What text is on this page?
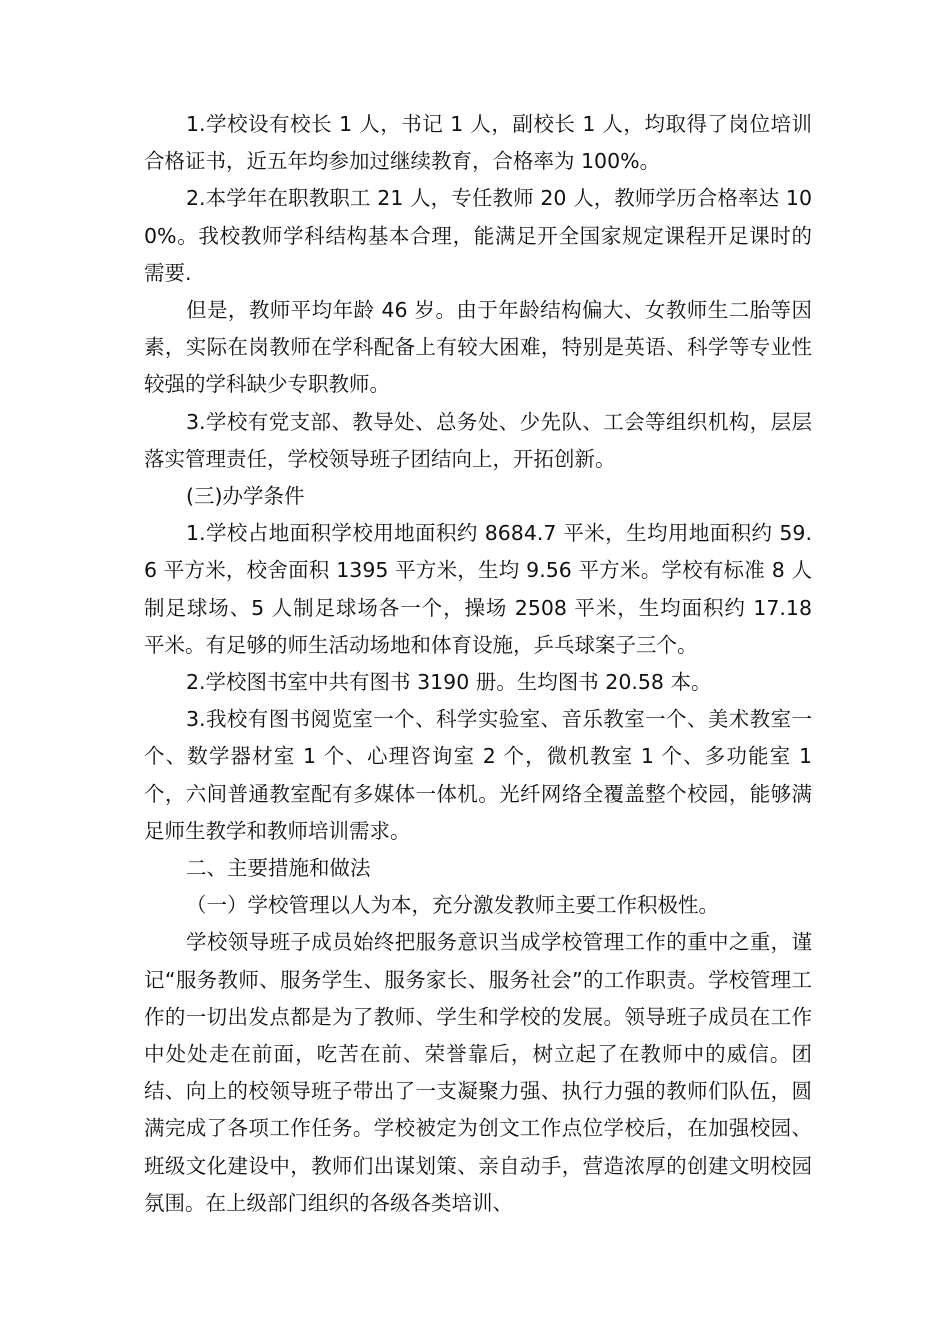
1.学校设有校长 1 人，书记 1 人，副校长 1 人，均取得了岗位培训合格证书，近五年均参加过继续教育，合格率为 100%。

2.本学年在职教职工 21 人，专任教师 20 人，教师学历合格率达 100%。我校教师学科结构基本合理，能满足开全国家规定课程开足课时的需要.

但是，教师平均年龄 46 岁。由于年龄结构偏大、女教师生二胎等因素，实际在岗教师在学科配备上有较大困难，特别是英语、科学等专业性较强的学科缺少专职教师。

3.学校有党支部、教导处、总务处、少先队、工会等组织机构，层层落实管理责任，学校领导班子团结向上，开拓创新。

(三)办学条件

1.学校占地面积学校用地面积约 8684.7 平米，生均用地面积约 59.6 平方米，校舍面积 1395 平方米，生均 9.56 平方米。学校有标准 8 人制足球场、5 人制足球场各一个，操场 2508 平米，生均面积约 17.18 平米。有足够的师生活动场地和体育设施，乒乓球案子三个。

2.学校图书室中共有图书 3190 册。生均图书 20.58 本。

3.我校有图书阅览室一个、科学实验室、音乐教室一个、美术教室一个、数学器材室 1 个、心理咨询室 2 个，微机教室 1 个、多功能室 1 个，六间普通教室配有多媒体一体机。光纤网络全覆盖整个校园，能够满足师生教学和教师培训需求。

二、主要措施和做法

（一）学校管理以人为本，充分激发教师主要工作积极性。

学校领导班子成员始终把服务意识当成学校管理工作的重中之重，谨记“服务教师、服务学生、服务家长、服务社会”的工作职责。学校管理工作的一切出发点都是为了教师、学生和学校的发展。领导班子成员在工作中处处走在前面，吃苦在前、荣誉靠后，树立起了在教师中的威信。团结、向上的校领导班子带出了一支凝聚力强、执行力强的教师们队伍，圆满完成了各项工作任务。学校被定为创文工作点位学校后，在加强校园、班级文化建设中，教师们出谋划策、亲自动手，营造浓厚的创建文明校园氛围。在上级部门组织的各级各类培训、
